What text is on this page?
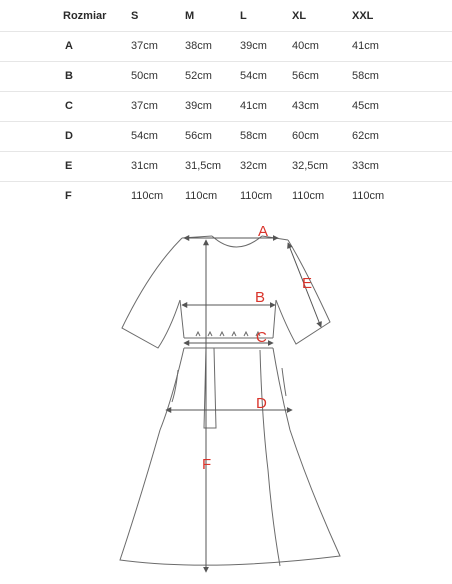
Rozmiar S	M	L	XL	XXL
A	37cm 38cm	39cm 40cm	41cm
B	50cm 52cm	54cm 56cm	58cm
C	37cm 39cm	41cm 43cm	45cm
D	54cm 56cm	58cm 60cm	62cm
E	31cm 31,5cm 32cm 32,5cm 33cm
F	110cm 110cm 110cm 110cm	110cm
A
B
C
D
E
F
